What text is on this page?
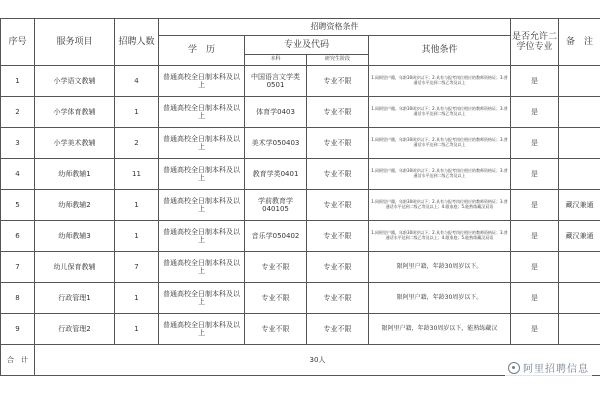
序号	服务项目	招聘人数	招聘资格条件				是否允许二学位专业	备　注
			学　历	专业及代码		其他条件		
				本科	研究生阶段			
1	小学语文教辅	4	普通高校全日制本科及以上	中国语言文学类0501	专业不限	1.同阿里户籍，年龄30周岁以下；2.具有与报考岗位相应的教师资格证；3.普通话水平达到二级乙等及以上	是	
2	小学体育教辅	1	普通高校全日制本科及以上	体育学0403	专业不限	1.同阿里户籍，年龄30周岁以下；2.具有与报考岗位相应的教师资格证；3.普通话水平达到二级乙等及以上	是	
3	小学美术教辅	2	普通高校全日制本科及以上	美术学050403	专业不限	1.同阿里户籍，年龄30周岁以下；2.具有与报考岗位相应的教师资格证；3.普通话水平达到二级乙等及以上	是	
4	幼师教辅1	11	普通高校全日制本科及以上	教育学类0401	专业不限	1.同阿里户籍，年龄30周岁以下；2.具有与报考岗位相应的教师资格证；3.普通话水平达到二级乙等及以上	是	
5	幼师教辅2	1	普通高校全日制本科及以上	学前教育学040105	专业不限	1.同阿里户籍，年龄30周岁以下；2.具有与报考岗位相应的教师资格证；3.普通话水平达到二级乙等及以上；4.限家庭；5.能熟练藏汉双语	是	藏汉兼通
6	幼师教辅3	1	普通高校全日制本科及以上	音乐学050402	专业不限	1.同阿里户籍，年龄30周岁以下；2.具有与报考岗位相应的教师资格证；3.普通话水平达到二级乙等及以上；4.限家庭；5.能熟练藏汉双语	是	藏汉兼通
7	幼儿保育教辅	7	普通高校全日制本科及以上	专业不限	专业不限	限阿里户籍，年龄30周岁以下。	是	
8	行政管理1	1	普通高校全日制本科及以上	专业不限	专业不限	限阿里户籍，年龄30周岁以下。	是	
9	行政管理2	1	普通高校全日制本科及以上	专业不限	专业不限	限阿里户籍，年龄30周岁以下，能熟练藏汉	是	
合　计	30人							
阿里招聘信息
